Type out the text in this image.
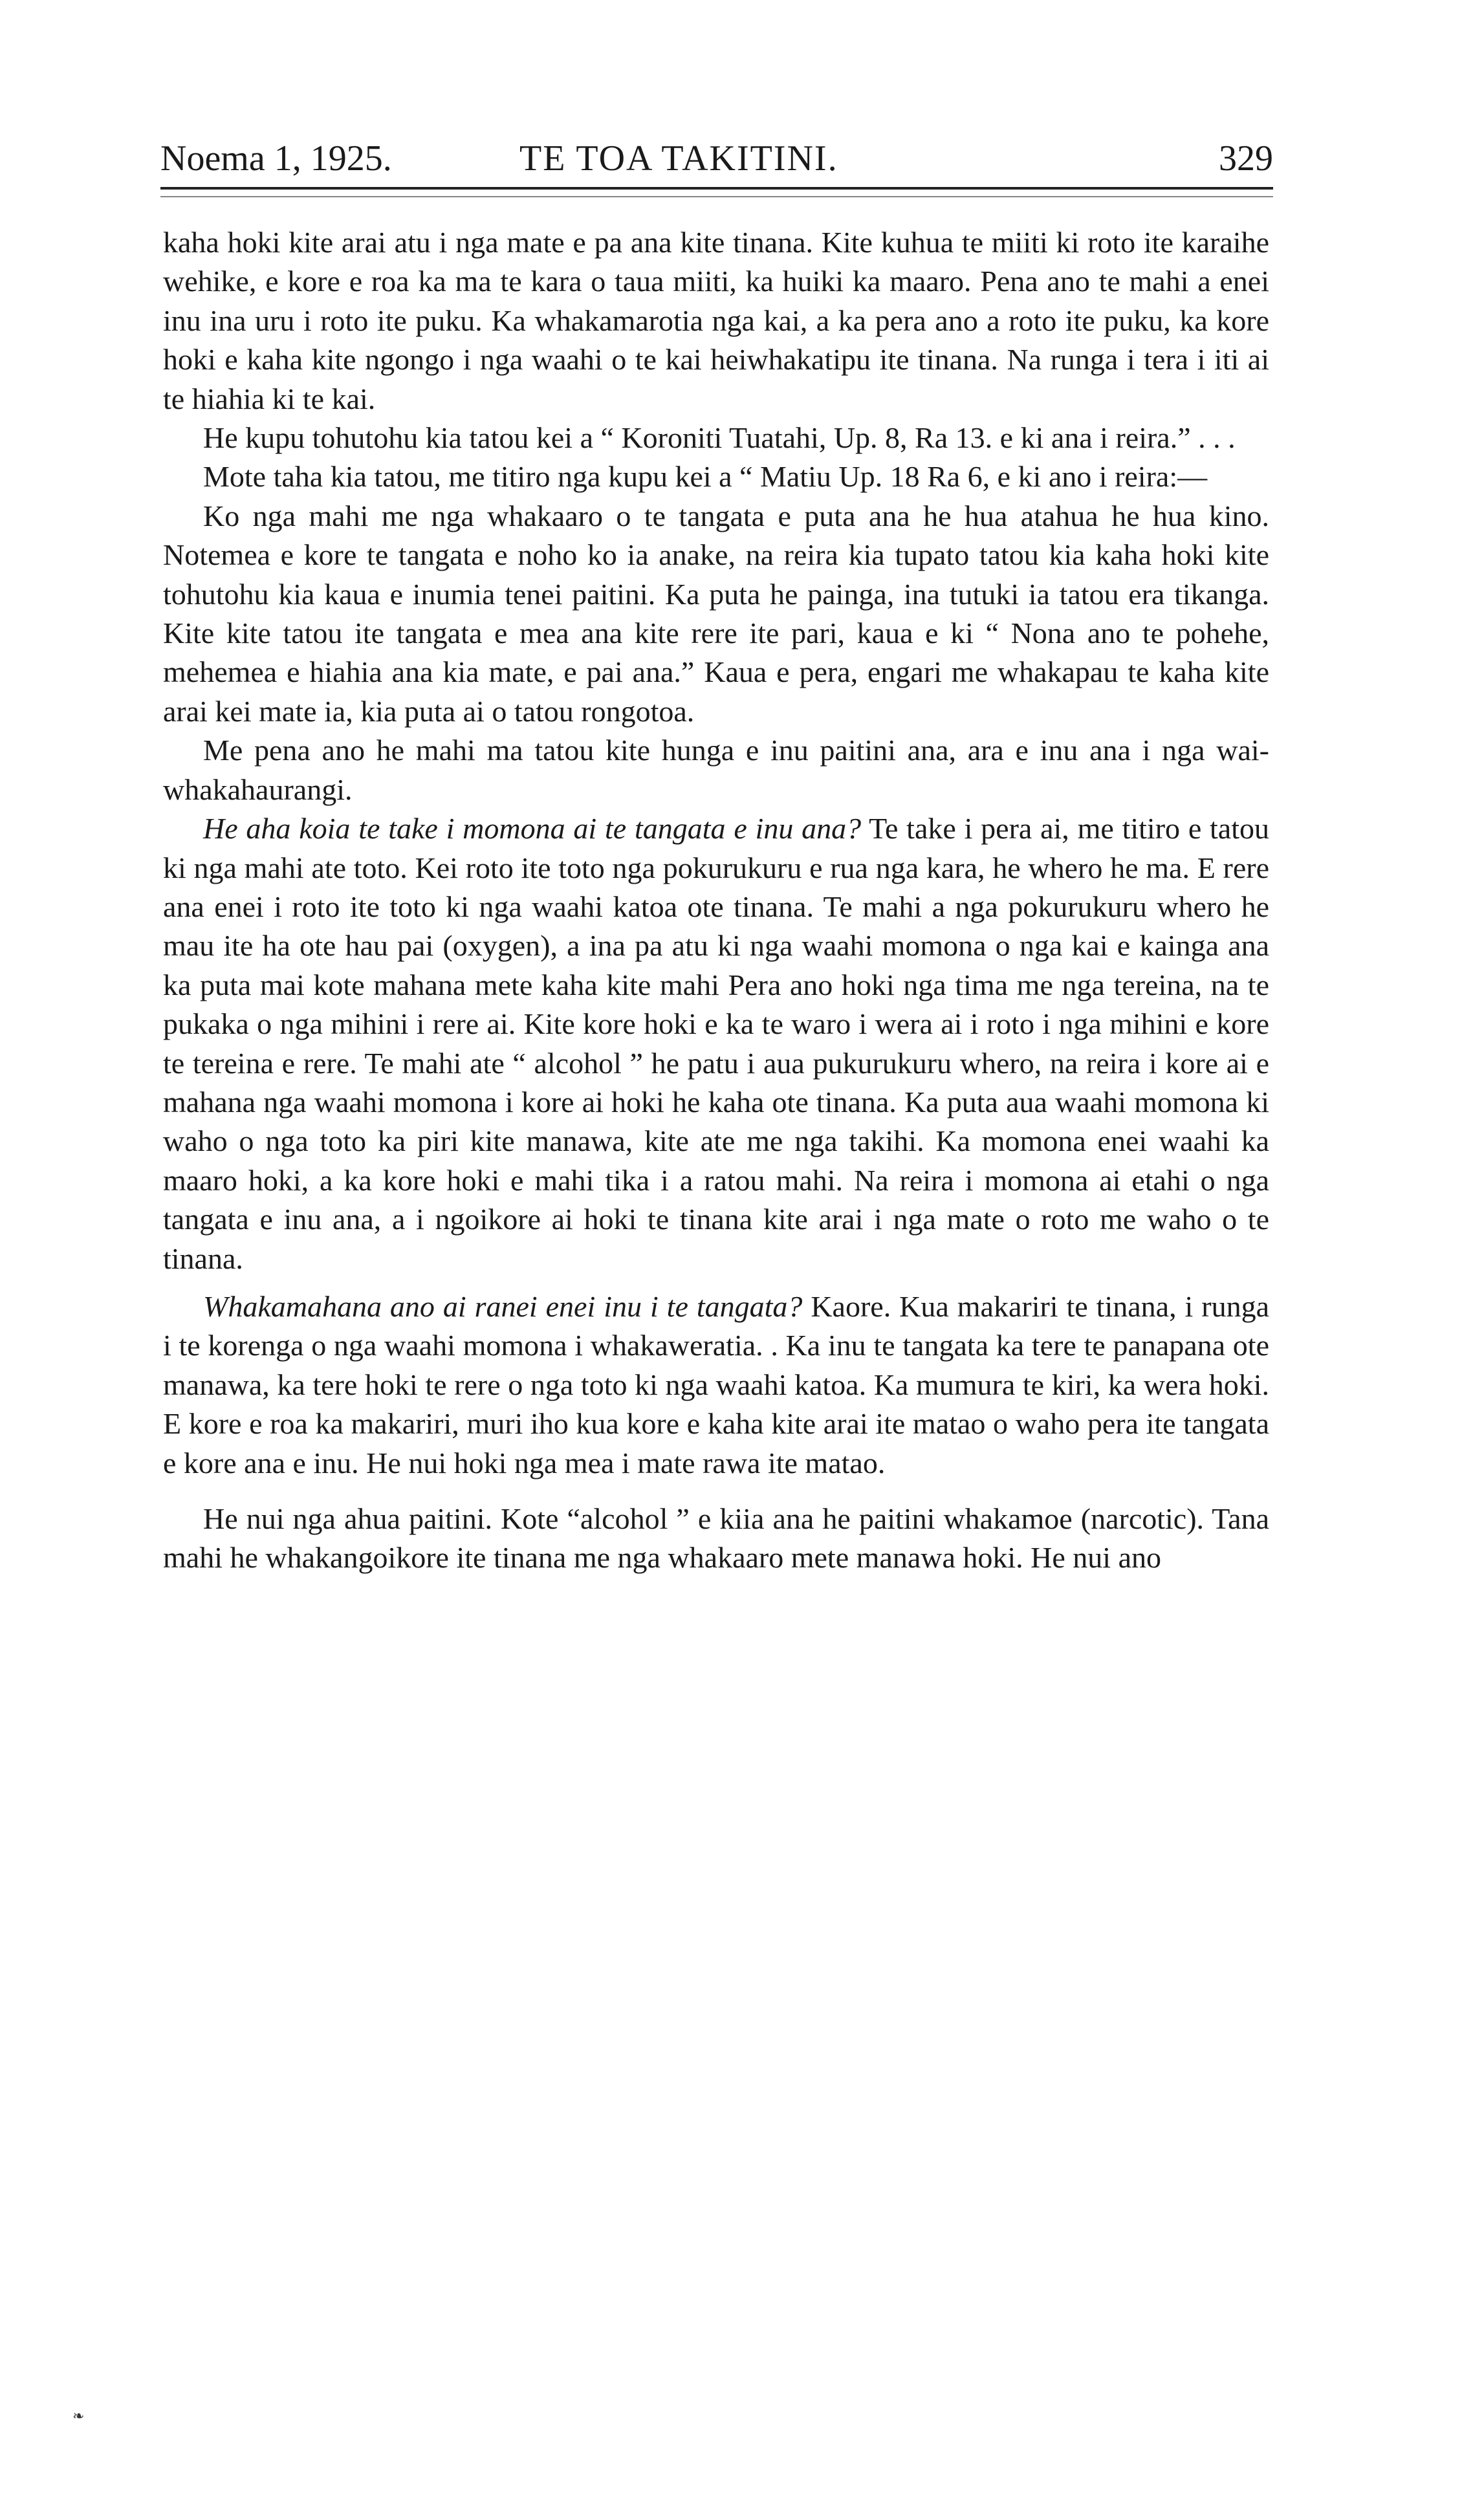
Noema 1, 1925.	TE TOA TAKITINI.	329

kaha hoki kite arai atu i nga mate e pa ana kite tinana. Kite kuhua te miiti ki roto ite karaihe wehike, e kore e roa ka ma te kara o taua miiti, ka huiki ka maaro. Pena ano te mahi a enei inu ina uru i roto ite puku. Ka whakamarotia nga kai, a ka pera ano a roto ite puku, ka kore hoki e kaha kite ngongo i nga waahi o te kai heiwhakatipu ite tinana. Na runga i tera i iti ai te hiahia ki te kai.

He kupu tohutohu kia tatou kei a “ Koroniti Tuatahi, Up. 8, Ra 13. e ki ana i reira.” . . .

Mote taha kia tatou, me titiro nga kupu kei a “ Matiu Up. 18 Ra 6, e ki ano i reira:—

Ko nga mahi me nga whakaaro o te tangata e puta ana he hua atahua he hua kino. Notemea e kore te tangata e noho ko ia anake, na reira kia tupato tatou kia kaha hoki kite tohutohu kia kaua e inumia tenei paitini. Ka puta he painga, ina tutuki ia tatou era tikanga. Kite kite tatou ite tangata e mea ana kite rere ite pari, kaua e ki “ Nona ano te pohehe, mehemea e hiahia ana kia mate, e pai ana.” Kaua e pera, engari me whakapau te kaha kite arai kei mate ia, kia puta ai o tatou rongotoa.

Me pena ano he mahi ma tatou kite hunga e inu paitini ana, ara e inu ana i nga wai-whakahaurangi.

He aha koia te take i momona ai te tangata e inu ana? Te take i pera ai, me titiro e tatou ki nga mahi ate toto. Kei roto ite toto nga pokurukuru e rua nga kara, he whero he ma. E rere ana enei i roto ite toto ki nga waahi katoa ote tinana. Te mahi a nga pokurukuru whero he mau ite ha ote hau pai (oxygen), a ina pa atu ki nga waahi momona o nga kai e kainga ana ka puta mai kote mahana mete kaha kite mahi Pera ano hoki nga tima me nga tereina, na te pukaka o nga mihini i rere ai. Kite kore hoki e ka te waro i wera ai i roto i nga mihini e kore te tereina e rere. Te mahi ate “ alcohol ” he patu i aua pukurukuru whero, na reira i kore ai e mahana nga waahi momona i kore ai hoki he kaha ote tinana. Ka puta aua waahi momona ki waho o nga toto ka piri kite manawa, kite ate me nga takihi. Ka momona enei waahi ka maaro hoki, a ka kore hoki e mahi tika i a ratou mahi. Na reira i momona ai etahi o nga tangata e inu ana, a i ngoikore ai hoki te tinana kite arai i nga mate o roto me waho o te tinana.

Whakamahana ano ai ranei enei inu i te tangata? Kaore. Kua makariri te tinana, i runga i te korenga o nga waahi momona i whakaweratia. . Ka inu te tangata ka tere te panapana ote manawa, ka tere hoki te rere o nga toto ki nga waahi katoa. Ka mumura te kiri, ka wera hoki. E kore e roa ka makariri, muri iho kua kore e kaha kite arai ite matao o waho pera ite tangata e kore ana e inu. He nui hoki nga mea i mate rawa ite matao.

He nui nga ahua paitini. Kote “alcohol ” e kiia ana he paitini whakamoe (narcotic). Tana mahi he whakangoikore ite tinana me nga whakaaro mete manawa hoki. He nui ano

❧
